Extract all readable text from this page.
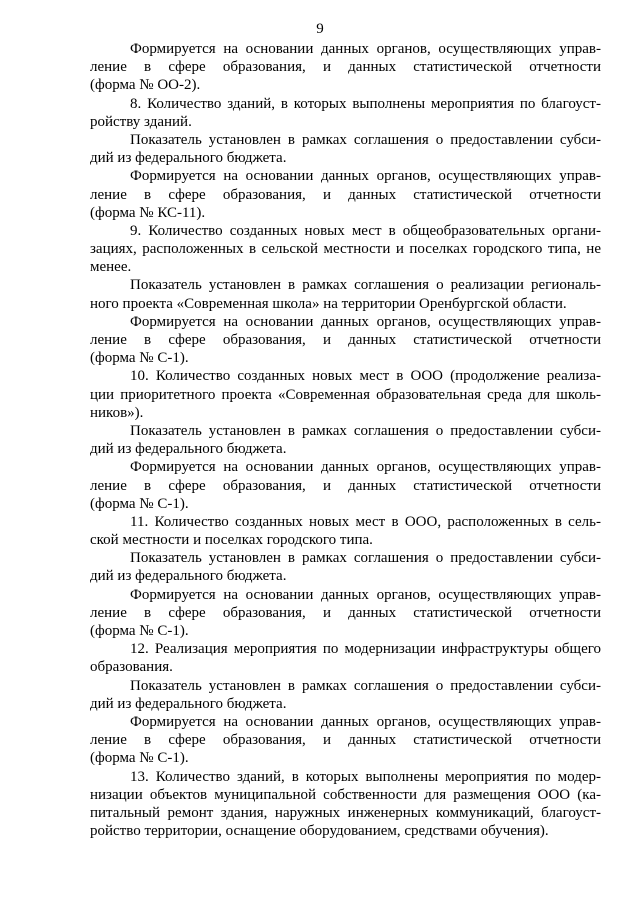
9
Формируется на основании данных органов, осуществляющих управ-
ление в сфере образования, и данных статистической отчетности
(форма № ОО-2).
8. Количество зданий, в которых выполнены мероприятия по благоуст-
ройству зданий.
Показатель установлен в рамках соглашения о предоставлении субси-
дий из федерального бюджета.
Формируется на основании данных органов, осуществляющих управ-
ление в сфере образования, и данных статистической отчетности
(форма № КС-11).
9. Количество созданных новых мест в общеобразовательных органи-
зациях, расположенных в сельской местности и поселках городского типа, не
менее.
Показатель установлен в рамках соглашения о реализации региональ-
ного проекта «Современная школа» на территории Оренбургской области.
Формируется на основании данных органов, осуществляющих управ-
ление в сфере образования, и данных статистической отчетности
(форма № С-1).
10. Количество созданных новых мест в ООО (продолжение реализа-
ции приоритетного проекта «Современная образовательная среда для школь-
ников»).
Показатель установлен в рамках соглашения о предоставлении субси-
дий из федерального бюджета.
Формируется на основании данных органов, осуществляющих управ-
ление в сфере образования, и данных статистической отчетности
(форма № С-1).
11. Количество созданных новых мест в ООО, расположенных в сель-
ской местности и поселках городского типа.
Показатель установлен в рамках соглашения о предоставлении субси-
дий из федерального бюджета.
Формируется на основании данных органов, осуществляющих управ-
ление в сфере образования, и данных статистической отчетности
(форма № С-1).
12. Реализация мероприятия по модернизации инфраструктуры общего
образования.
Показатель установлен в рамках соглашения о предоставлении субси-
дий из федерального бюджета.
Формируется на основании данных органов, осуществляющих управ-
ление в сфере образования, и данных статистической отчетности
(форма № С-1).
13. Количество зданий, в которых выполнены мероприятия по модер-
низации объектов муниципальной собственности для размещения ООО (ка-
питальный ремонт здания, наружных инженерных коммуникаций, благоуст-
ройство территории, оснащение оборудованием, средствами обучения).
